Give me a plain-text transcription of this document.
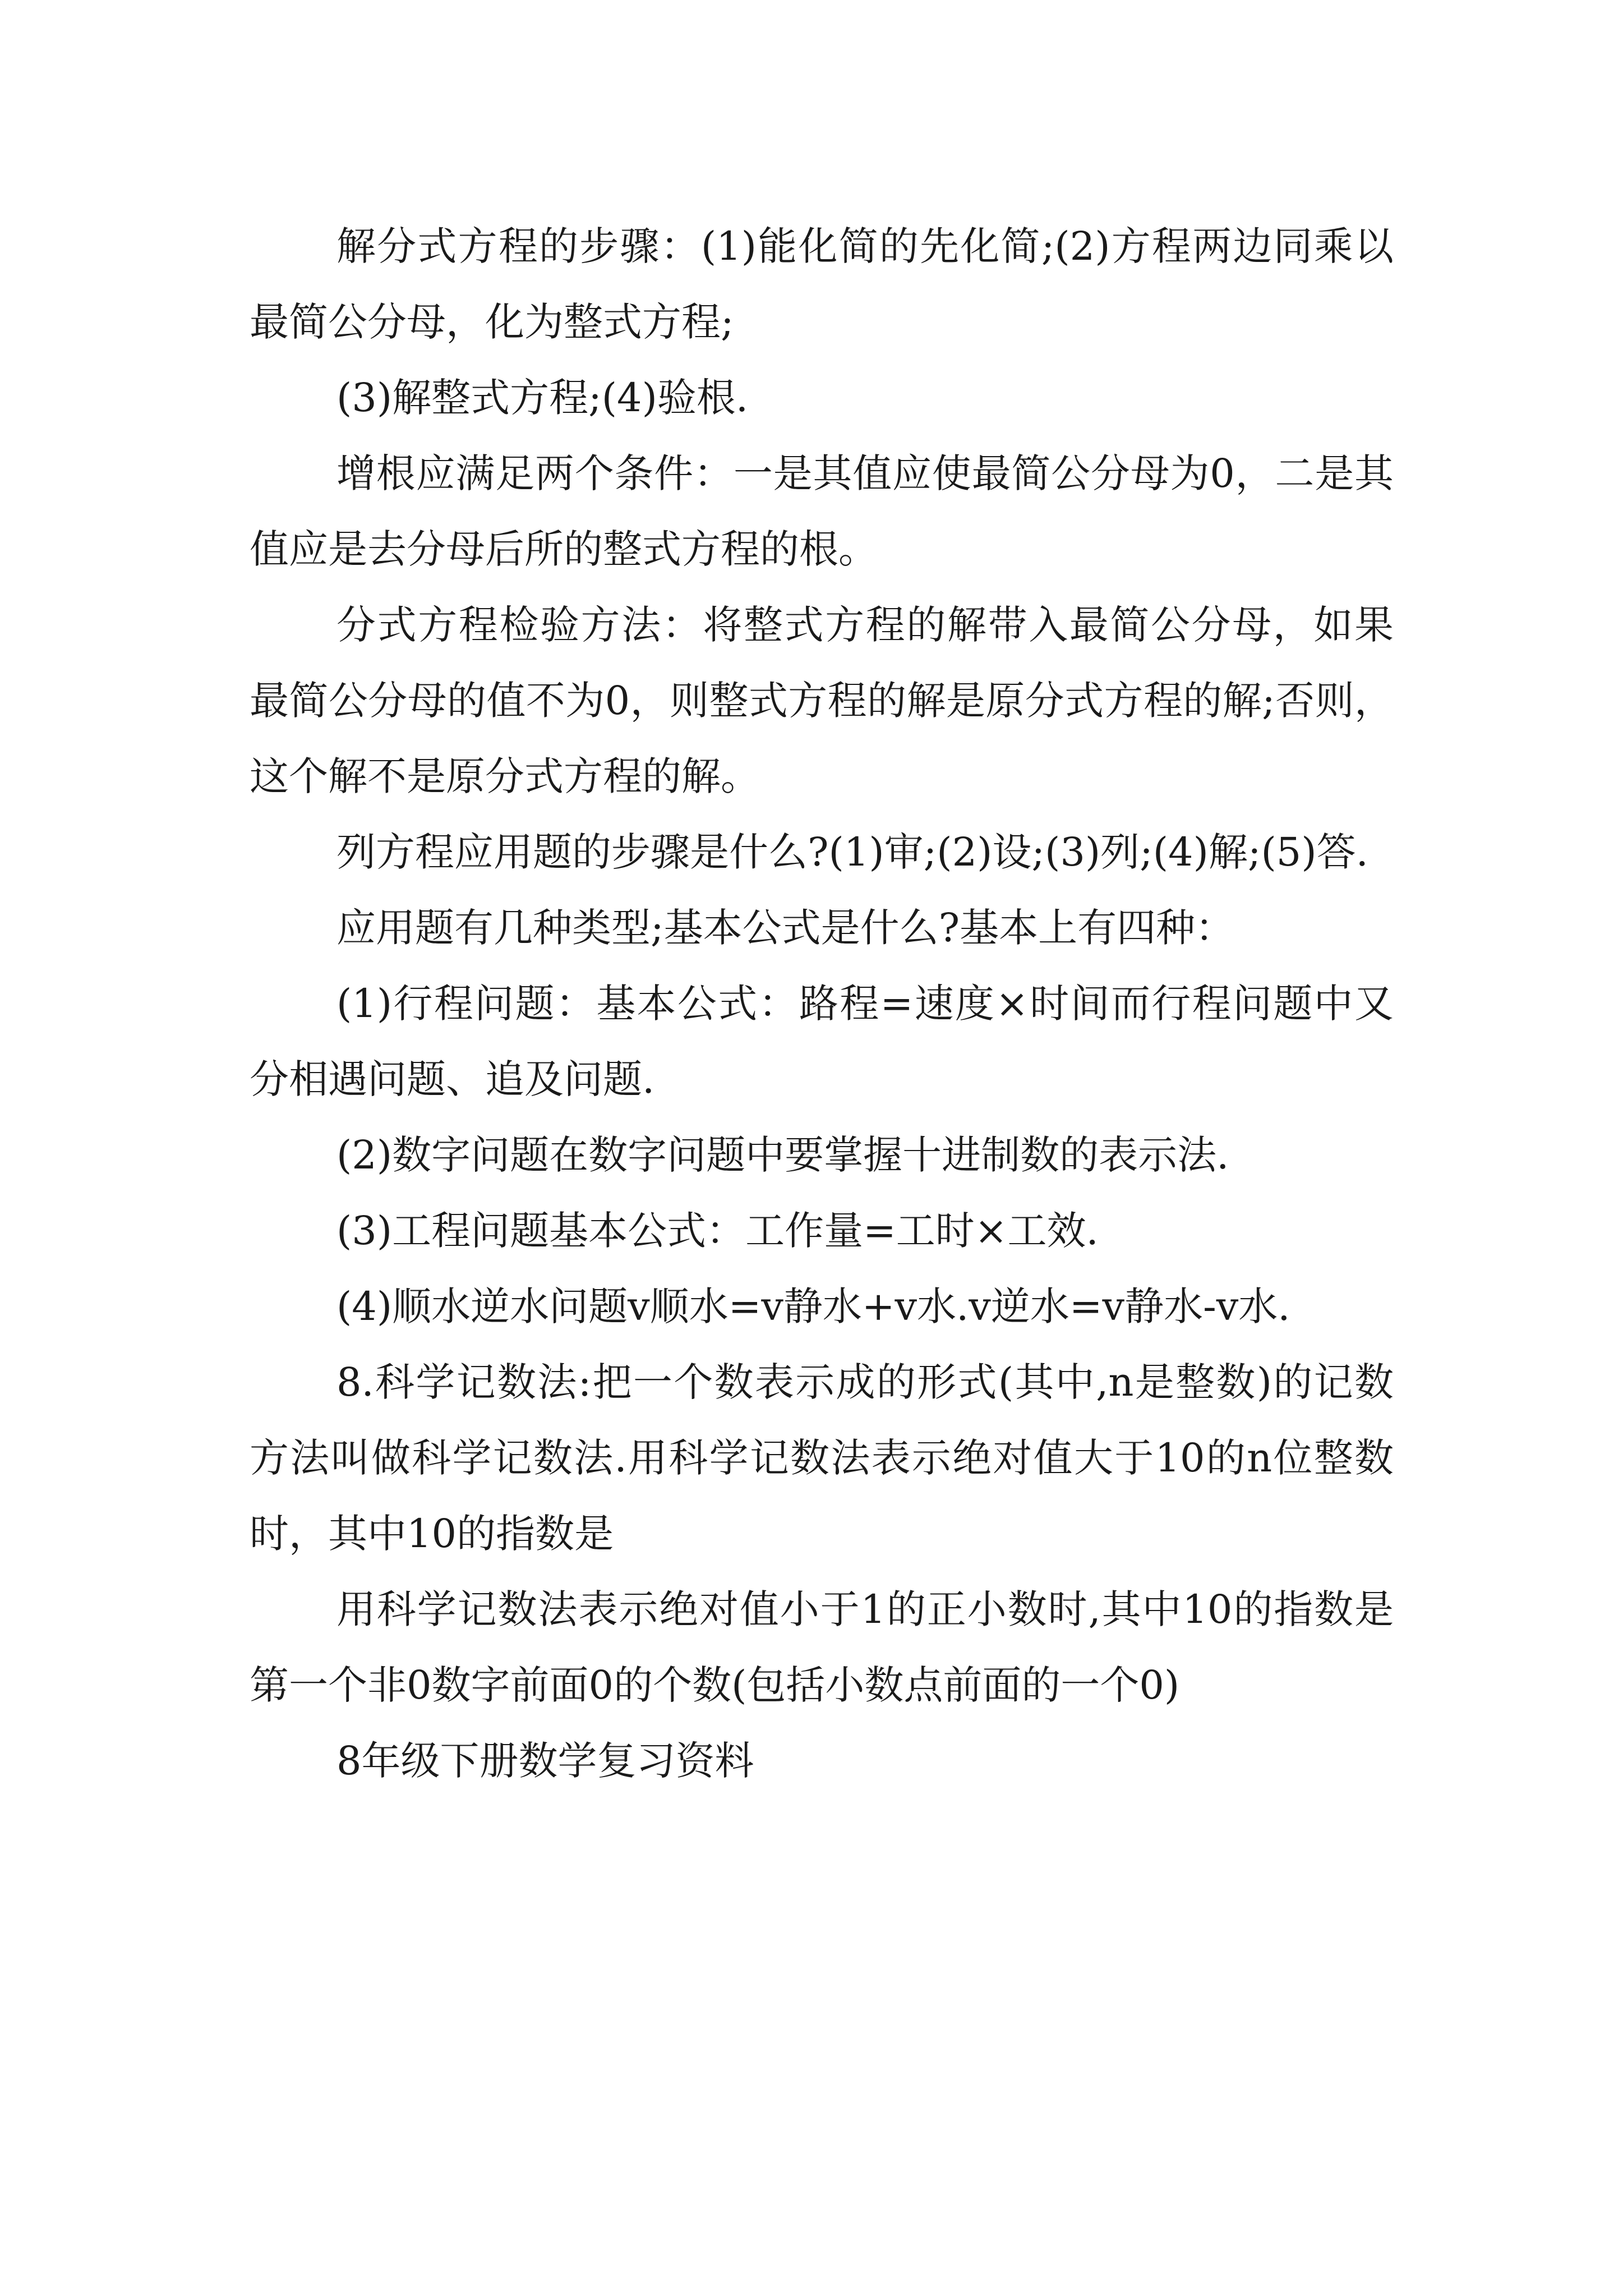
解分式方程的步骤：(1)能化简的先化简;(2)方程两边同乘以最简公分母，化为整式方程;

(3)解整式方程;(4)验根.

增根应满足两个条件：一是其值应使最简公分母为0，二是其值应是去分母后所的整式方程的根。

分式方程检验方法：将整式方程的解带入最简公分母，如果最简公分母的值不为0，则整式方程的解是原分式方程的解;否则，这个解不是原分式方程的解。

列方程应用题的步骤是什么?(1)审;(2)设;(3)列;(4)解;(5)答.

应用题有几种类型;基本公式是什么?基本上有四种：

(1)行程问题：基本公式：路程=速度×时间而行程问题中又分相遇问题、追及问题.

(2)数字问题在数字问题中要掌握十进制数的表示法.

(3)工程问题基本公式：工作量=工时×工效.

(4)顺水逆水问题v顺水=v静水+v水.v逆水=v静水-v水.

8.科学记数法:把一个数表示成的形式(其中,n是整数)的记数方法叫做科学记数法.用科学记数法表示绝对值大于10的n位整数时，其中10的指数是

用科学记数法表示绝对值小于1的正小数时,其中10的指数是第一个非0数字前面0的个数(包括小数点前面的一个0)

8年级下册数学复习资料
